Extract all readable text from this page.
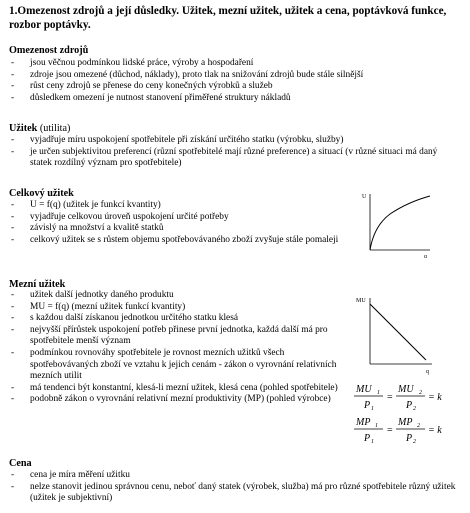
1.Omezenost zdrojů a její důsledky. Užitek, mezní užitek, užitek a cena, poptávková funkce, rozbor poptávky.
Omezenost zdrojů
- jsou věčnou podmínkou lidské práce, výroby a hospodaření
- zdroje jsou omezené (důchod, náklady), proto tlak na snižování zdrojů bude stále silnější
- růst ceny zdrojů se přenese do ceny konečných výrobků a služeb
- důsledkem omezení je nutnost stanovení přiměřené struktury nákladů
Užitek (utilita)
- vyjadřuje míru uspokojení spotřebitele při získání určitého statku (výrobku, služby)
- je určen subjektivitou preferencí (různí spotřebitelé mají různé preference) a situací (v různé situaci má daný statek rozdílný význam pro spotřebitele)
Celkový užitek
- U = f(q) (užitek je funkcí kvantity)
- vyjadřuje celkovou úroveň uspokojení určité potřeby
- závislý na množství a kvalitě statků
- celkový užitek se s růstem objemu spotřebovávaného zboží zvyšuje stále pomaleji
U
q
Mezní užitek
- užitek další jednotky daného produktu
- MU = f(q) (mezní užitek funkcí kvantity)
- s každou další získanou jednotkou určitého statku klesá
- nejvyšší přírůstek uspokojení potřeb přinese první jednotka, každá další má pro spotřebitele menší význam
- podmínkou rovnováhy spotřebitele je rovnost mezních užitků všech spotřebovávaných zboží ve vztahu k jejich cenám - zákon o vyrovnání relativních mezních utilit
- má tendenci být konstantní, klesá-li mezní užitek, klesá cena (pohled spotřebitele)
- podobně zákon o vyrovnání relativní mezní produktivity (MP) (pohled výrobce)
MU
q
MU 1
P 1
=
MU 2
P 2
= k
MP 1
P 1
=
MP 2
P 2
= k
Cena
- cena je míra měření užitku
- nelze stanovit jedinou správnou cenu, neboť daný statek (výrobek, služba) má pro různé spotřebitele různý užitek (užitek je subjektivní)
